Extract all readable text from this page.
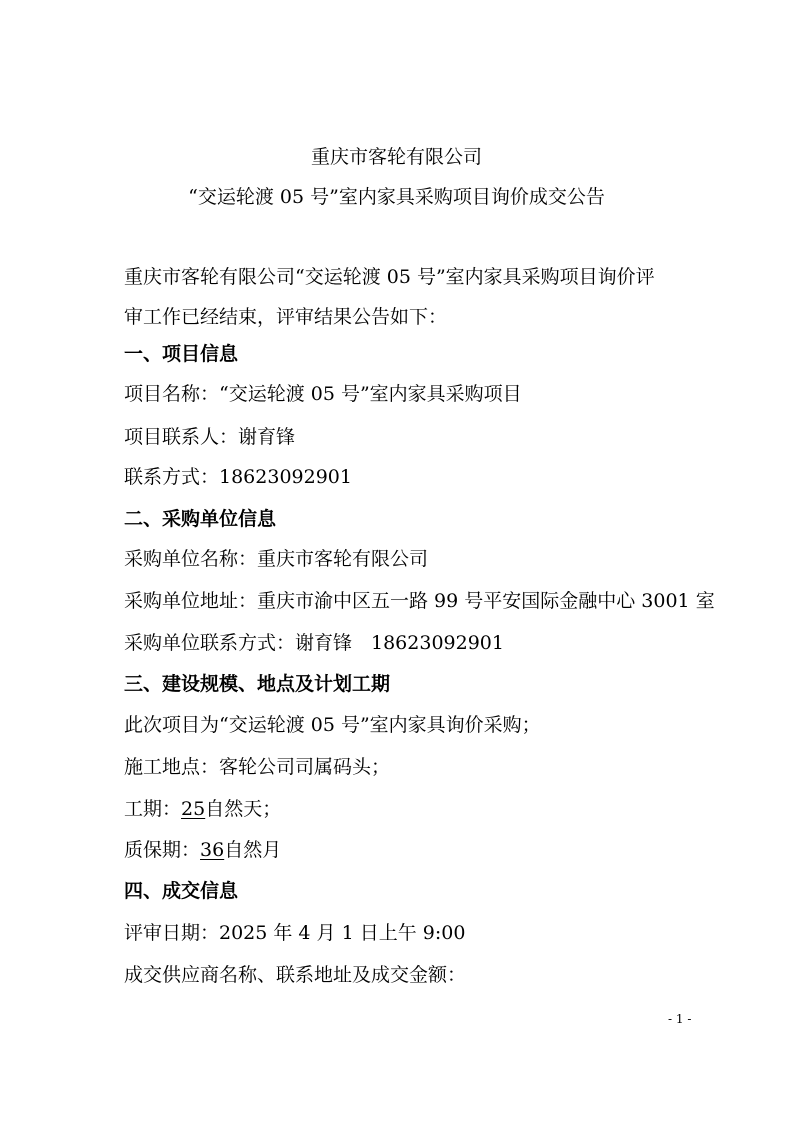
重庆市客轮有限公司
“交运轮渡 05 号”室内家具采购项目询价成交公告
重庆市客轮有限公司“交运轮渡 05 号”室内家具采购项目询价评
审工作已经结束，评审结果公告如下：
一、项目信息
项目名称：“交运轮渡 05 号”室内家具采购项目
项目联系人：谢育锋
联系方式：18623092901
二、采购单位信息
采购单位名称：重庆市客轮有限公司
采购单位地址：重庆市渝中区五一路 99 号平安国际金融中心 3001 室
采购单位联系方式：谢育锋　18623092901
三、建设规模、地点及计划工期
此次项目为“交运轮渡 05 号”室内家具询价采购；
施工地点：客轮公司司属码头；
工期：25自然天；
质保期：36自然月
四、成交信息
评审日期：2025 年 4 月 1 日上午 9:00
成交供应商名称、联系地址及成交金额：
- 1 -
